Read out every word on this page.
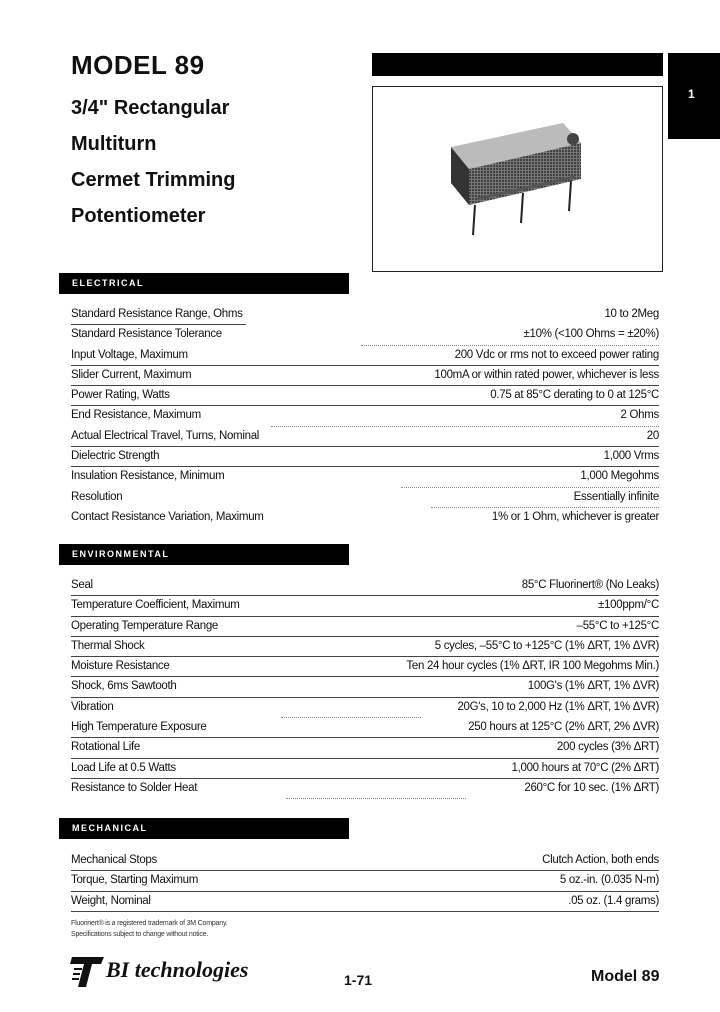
MODEL 89
3/4" Rectangular
Multiturn
Cermet Trimming
Potentiometer
1
ELECTRICAL
Standard Resistance Range, Ohms	10 to 2Meg
Standard Resistance Tolerance	±10% (<100 Ohms = ±20%)
Input Voltage, Maximum	200 Vdc or rms not to exceed power rating
Slider Current, Maximum	100mA or within rated power, whichever is less
Power Rating, Watts	0.75 at 85°C derating to 0 at 125°C
End Resistance, Maximum	2 Ohms
Actual Electrical Travel, Turns, Nominal	20
Dielectric Strength	1,000 Vrms
Insulation Resistance, Minimum	1,000 Megohms
Resolution	Essentially infinite
Contact Resistance Variation, Maximum	1% or 1 Ohm, whichever is greater
ENVIRONMENTAL
Seal	85°C Fluorinert® (No Leaks)
Temperature Coefficient, Maximum	±100ppm/°C
Operating Temperature Range	–55°C to +125°C
Thermal Shock	5 cycles, –55°C to +125°C (1% ΔRT, 1% ΔVR)
Moisture Resistance	Ten 24 hour cycles (1% ΔRT, IR 100 Megohms Min.)
Shock, 6ms Sawtooth	100G's (1% ΔRT, 1% ΔVR)
Vibration	20G's, 10 to 2,000 Hz (1% ΔRT, 1% ΔVR)
High Temperature Exposure	250 hours at 125°C (2% ΔRT, 2% ΔVR)
Rotational Life	200 cycles (3% ΔRT)
Load Life at 0.5 Watts	1,000 hours at 70°C (2% ΔRT)
Resistance to Solder Heat	260°C for 10 sec. (1% ΔRT)
MECHANICAL
Mechanical Stops	Clutch Action, both ends
Torque, Starting Maximum	5 oz.-in. (0.035 N-m)
Weight, Nominal	.05 oz. (1.4 grams)
Fluorinert® is a registered trademark of 3M Company.
Specifications subject to change without notice.
BI technologies	1-71	Model 89
